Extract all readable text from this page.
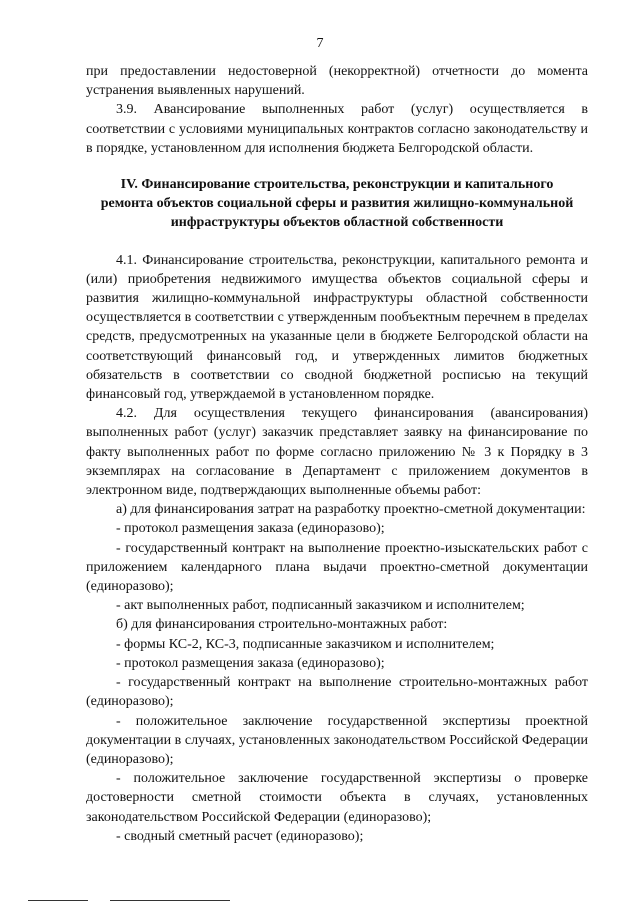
7

при предоставлении недостоверной (некорректной) отчетности до момента устранения выявленных нарушений.

3.9. Авансирование выполненных работ (услуг) осуществляется в соответствии с условиями муниципальных контрактов согласно законодательству и в порядке, установленном для исполнения бюджета Белгородской области.

IV. Финансирование строительства, реконструкции и капитального
ремонта объектов социальной сферы и развития жилищно-коммунальной
инфраструктуры объектов областной собственности

4.1. Финансирование строительства, реконструкции, капитального ремонта и (или) приобретения недвижимого имущества объектов социальной сферы и развития жилищно-коммунальной инфраструктуры областной собственности осуществляется в соответствии с утвержденным пообъектным перечнем в пределах средств, предусмотренных на указанные цели в бюджете Белгородской области на соответствующий финансовый год, и утвержденных лимитов бюджетных обязательств в соответствии со сводной бюджетной росписью на текущий финансовый год, утверждаемой в установленном порядке.

4.2. Для осуществления текущего финансирования (авансирования) выполненных работ (услуг) заказчик представляет заявку на финансирование по факту выполненных работ по форме согласно приложению № 3 к Порядку в 3 экземплярах на согласование в Департамент с приложением документов в электронном виде, подтверждающих выполненные объемы работ:

а) для финансирования затрат на разработку проектно-сметной документации:

- протокол размещения заказа (единоразово);

- государственный контракт на выполнение проектно-изыскательских работ с приложением календарного плана выдачи проектно-сметной документации (единоразово);

- акт выполненных работ, подписанный заказчиком и исполнителем;

б) для финансирования строительно-монтажных работ:

- формы КС-2, КС-3, подписанные заказчиком и исполнителем;

- протокол размещения заказа (единоразово);

- государственный контракт на выполнение строительно-монтажных работ (единоразово);

- положительное заключение государственной экспертизы проектной документации в случаях, установленных законодательством Российской Федерации (единоразово);

- положительное заключение государственной экспертизы о проверке достоверности сметной стоимости объекта в случаях, установленных законодательством Российской Федерации (единоразово);

- сводный сметный расчет (единоразово);
